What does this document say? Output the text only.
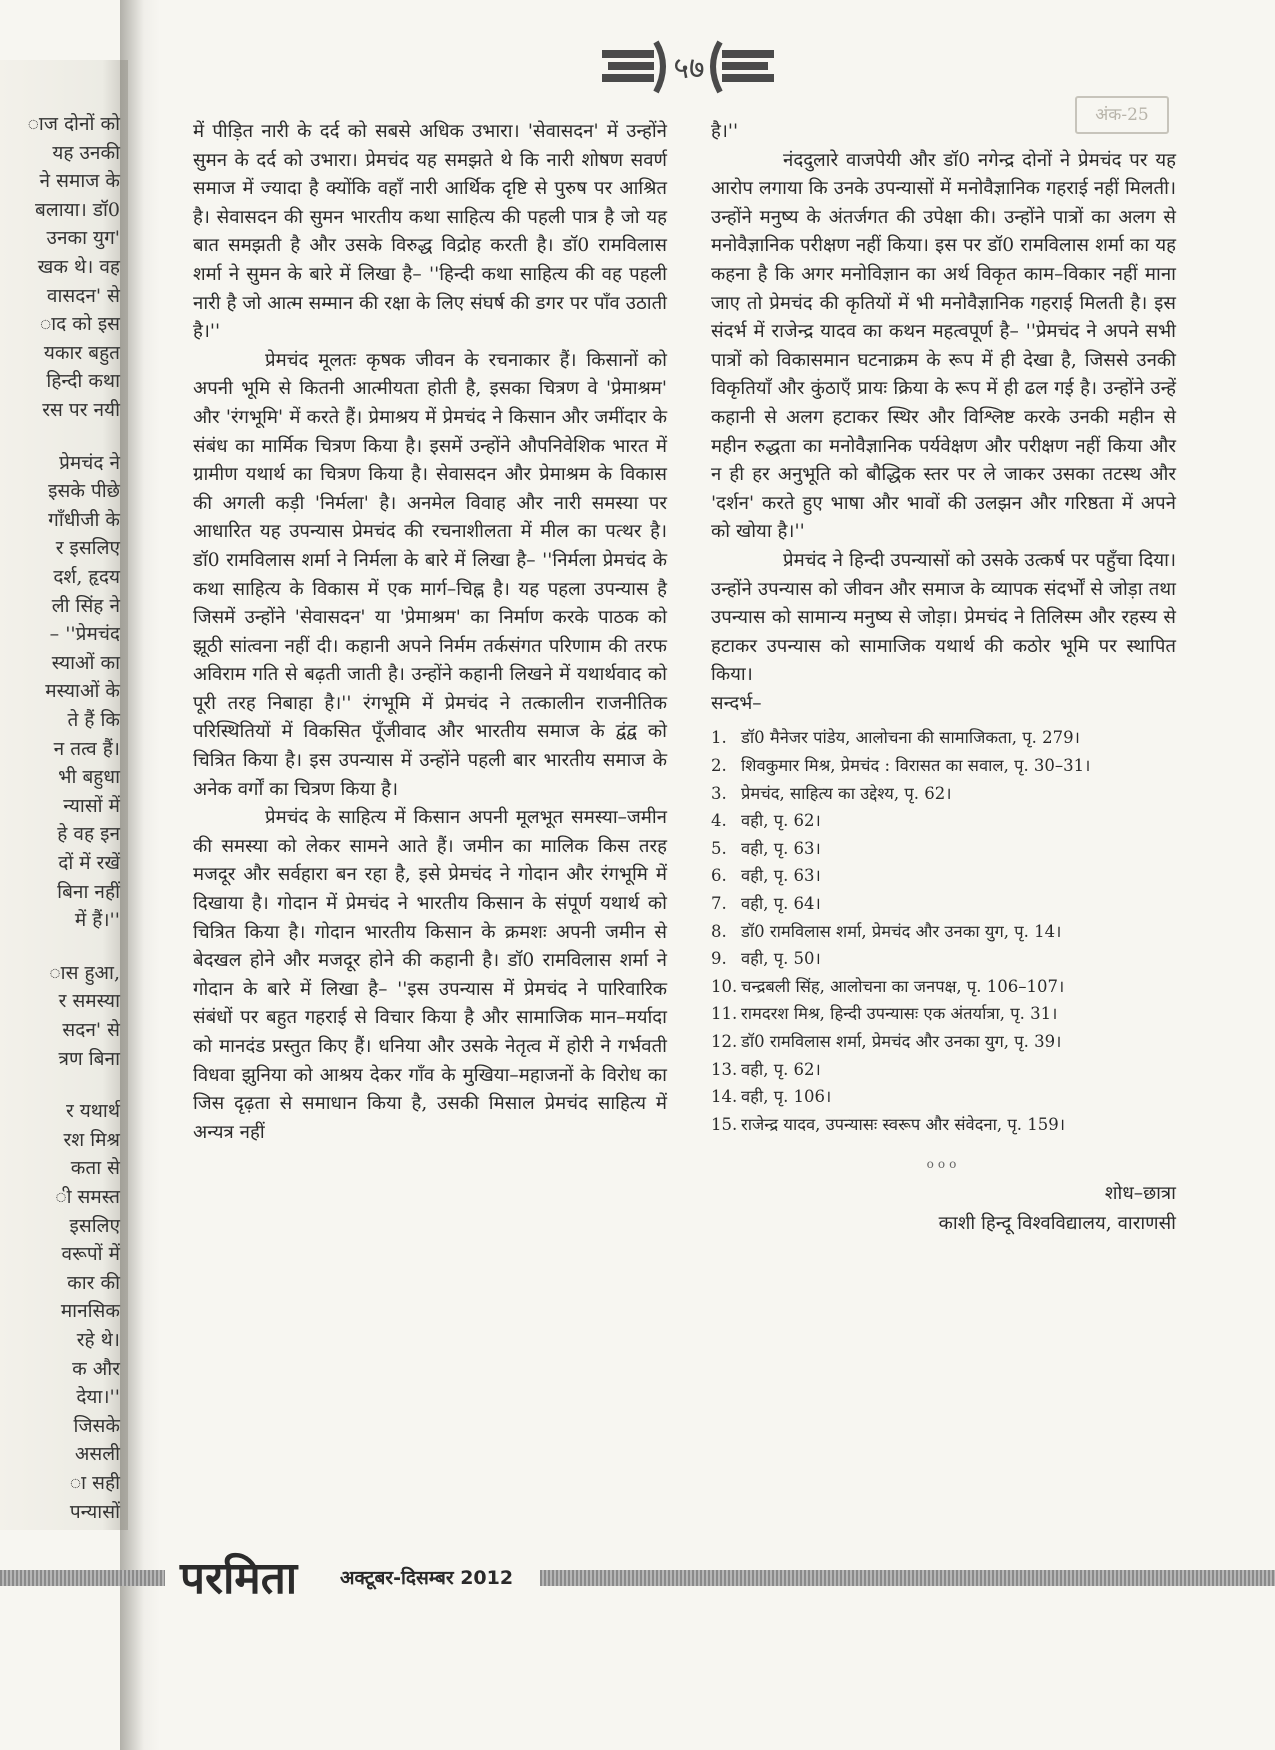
ाज दोनों को
यह उनकी
ने समाज के
बलाया। डॉ0
उनका युग'
खक थे। वह
वासदन' से
ाद को इस
यकार बहुत
हिन्दी कथा
रस पर नयी
प्रेमचंद ने
इसके पीछे
गाँधीजी के
र इसलिए
दर्श, हृदय
ली सिंह ने
– ''प्रेमचंद
स्याओं का
मस्याओं के
ते हैं कि
न तत्व हैं।
भी बहुधा
न्यासों में
हे वह इन
दों में रखें
बिना नहीं
में हैं।''
ास हुआ,
र समस्या
सदन' से
त्रण बिना
र यथार्थ
रश मिश्र
कता से
ी समस्त
इसलिए
वरूपों में
कार की
मानसिक
रहे थे।
क और
देया।''
जिसके
असली
ा सही
पन्यासों
५७
अंक-25

में पीड़ित नारी के दर्द को सबसे अधिक उभारा। 'सेवासदन' में उन्होंने सुमन के दर्द को उभारा। प्रेमचंद यह समझते थे कि नारी शोषण सवर्ण समाज में ज्यादा है क्योंकि वहाँ नारी आर्थिक दृष्टि से पुरुष पर आश्रित है। सेवासदन की सुमन भारतीय कथा साहित्य की पहली पात्र है जो यह बात समझती है और उसके विरुद्ध विद्रोह करती है। डॉ0 रामविलास शर्मा ने सुमन के बारे में लिखा है– ''हिन्दी कथा साहित्य की वह पहली नारी है जो आत्म सम्मान की रक्षा के लिए संघर्ष की डगर पर पाँव उठाती है।''

प्रेमचंद मूलतः कृषक जीवन के रचनाकार हैं। किसानों को अपनी भूमि से कितनी आत्मीयता होती है, इसका चित्रण वे 'प्रेमाश्रम' और 'रंगभूमि' में करते हैं। प्रेमाश्रय में प्रेमचंद ने किसान और जमींदार के संबंध का मार्मिक चित्रण किया है। इसमें उन्होंने औपनिवेशिक भारत में ग्रामीण यथार्थ का चित्रण किया है। सेवासदन और प्रेमाश्रम के विकास की अगली कड़ी 'निर्मला' है। अनमेल विवाह और नारी समस्या पर आधारित यह उपन्यास प्रेमचंद की रचनाशीलता में मील का पत्थर है। डॉ0 रामविलास शर्मा ने निर्मला के बारे में लिखा है– ''निर्मला प्रेमचंद के कथा साहित्य के विकास में एक मार्ग–चिह्न है। यह पहला उपन्यास है जिसमें उन्होंने 'सेवासदन' या 'प्रेमाश्रम' का निर्माण करके पाठक को झूठी सांत्वना नहीं दी। कहानी अपने निर्मम तर्कसंगत परिणाम की तरफ अविराम गति से बढ़ती जाती है। उन्होंने कहानी लिखने में यथार्थवाद को पूरी तरह निबाहा है।'' रंगभूमि में प्रेमचंद ने तत्कालीन राजनीतिक परिस्थितियों में विकसित पूँजीवाद और भारतीय समाज के द्वंद्व को चित्रित किया है। इस उपन्यास में उन्होंने पहली बार भारतीय समाज के अनेक वर्गों का चित्रण किया है।

प्रेमचंद के साहित्य में किसान अपनी मूलभूत समस्या–जमीन की समस्या को लेकर सामने आते हैं। जमीन का मालिक किस तरह मजदूर और सर्वहारा बन रहा है, इसे प्रेमचंद ने गोदान और रंगभूमि में दिखाया है। गोदान में प्रेमचंद ने भारतीय किसान के संपूर्ण यथार्थ को चित्रित किया है। गोदान भारतीय किसान के क्रमशः अपनी जमीन से बेदखल होने और मजदूर होने की कहानी है। डॉ0 रामविलास शर्मा ने गोदान के बारे में लिखा है– ''इस उपन्यास में प्रेमचंद ने पारिवारिक संबंधों पर बहुत गहराई से विचार किया है और सामाजिक मान–मर्यादा को मानदंड प्रस्तुत किए हैं। धनिया और उसके नेतृत्व में होरी ने गर्भवती विधवा झुनिया को आश्रय देकर गाँव के मुखिया–महाजनों के विरोध का जिस दृढ़ता से समाधान किया है, उसकी मिसाल प्रेमचंद साहित्य में अन्यत्र नहीं

है।''

नंददुलारे वाजपेयी और डॉ0 नगेन्द्र दोनों ने प्रेमचंद पर यह आरोप लगाया कि उनके उपन्यासों में मनोवैज्ञानिक गहराई नहीं मिलती। उन्होंने मनुष्य के अंतर्जगत की उपेक्षा की। उन्होंने पात्रों का अलग से मनोवैज्ञानिक परीक्षण नहीं किया। इस पर डॉ0 रामविलास शर्मा का यह कहना है कि अगर मनोविज्ञान का अर्थ विकृत काम–विकार नहीं माना जाए तो प्रेमचंद की कृतियों में भी मनोवैज्ञानिक गहराई मिलती है। इस संदर्भ में राजेन्द्र यादव का कथन महत्वपूर्ण है– ''प्रेमचंद ने अपने सभी पात्रों को विकासमान घटनाक्रम के रूप में ही देखा है, जिससे उनकी विकृतियाँ और कुंठाएँ प्रायः क्रिया के रूप में ही ढल गई है। उन्होंने उन्हें कहानी से अलग हटाकर स्थिर और विश्लिष्ट करके उनकी महीन से महीन रुद्धता का मनोवैज्ञानिक पर्यवेक्षण और परीक्षण नहीं किया और न ही हर अनुभूति को बौद्धिक स्तर पर ले जाकर उसका तटस्थ और 'दर्शन' करते हुए भाषा और भावों की उलझन और गरिष्ठता में अपने को खोया है।''

प्रेमचंद ने हिन्दी उपन्यासों को उसके उत्कर्ष पर पहुँचा दिया। उन्होंने उपन्यास को जीवन और समाज के व्यापक संदर्भों से जोड़ा तथा उपन्यास को सामान्य मनुष्य से जोड़ा। प्रेमचंद ने तिलिस्म और रहस्य से हटाकर उपन्यास को सामाजिक यथार्थ की कठोर भूमि पर स्थापित किया।

सन्दर्भ–

1. डॉ0 मैनेजर पांडेय, आलोचना की सामाजिकता, पृ. 279।
2. शिवकुमार मिश्र, प्रेमचंद : विरासत का सवाल, पृ. 30–31।
3. प्रेमचंद, साहित्य का उद्देश्य, पृ. 62।
4. वही, पृ. 62।
5. वही, पृ. 63।
6. वही, पृ. 63।
7. वही, पृ. 64।
8. डॉ0 रामविलास शर्मा, प्रेमचंद और उनका युग, पृ. 14।
9. वही, पृ. 50।
10. चन्द्रबली सिंह, आलोचना का जनपक्ष, पृ. 106–107।
11. रामदरश मिश्र, हिन्दी उपन्यासः एक अंतर्यात्रा, पृ. 31।
12. डॉ0 रामविलास शर्मा, प्रेमचंद और उनका युग, पृ. 39।
13. वही, पृ. 62।
14. वही, पृ. 106।
15. राजेन्द्र यादव, उपन्यासः स्वरूप और संवेदना, पृ. 159।
ooo
शोध–छात्रा
काशी हिन्दू विश्वविद्यालय, वाराणसी
परमिता अक्टूबर-दिसम्बर 2012
